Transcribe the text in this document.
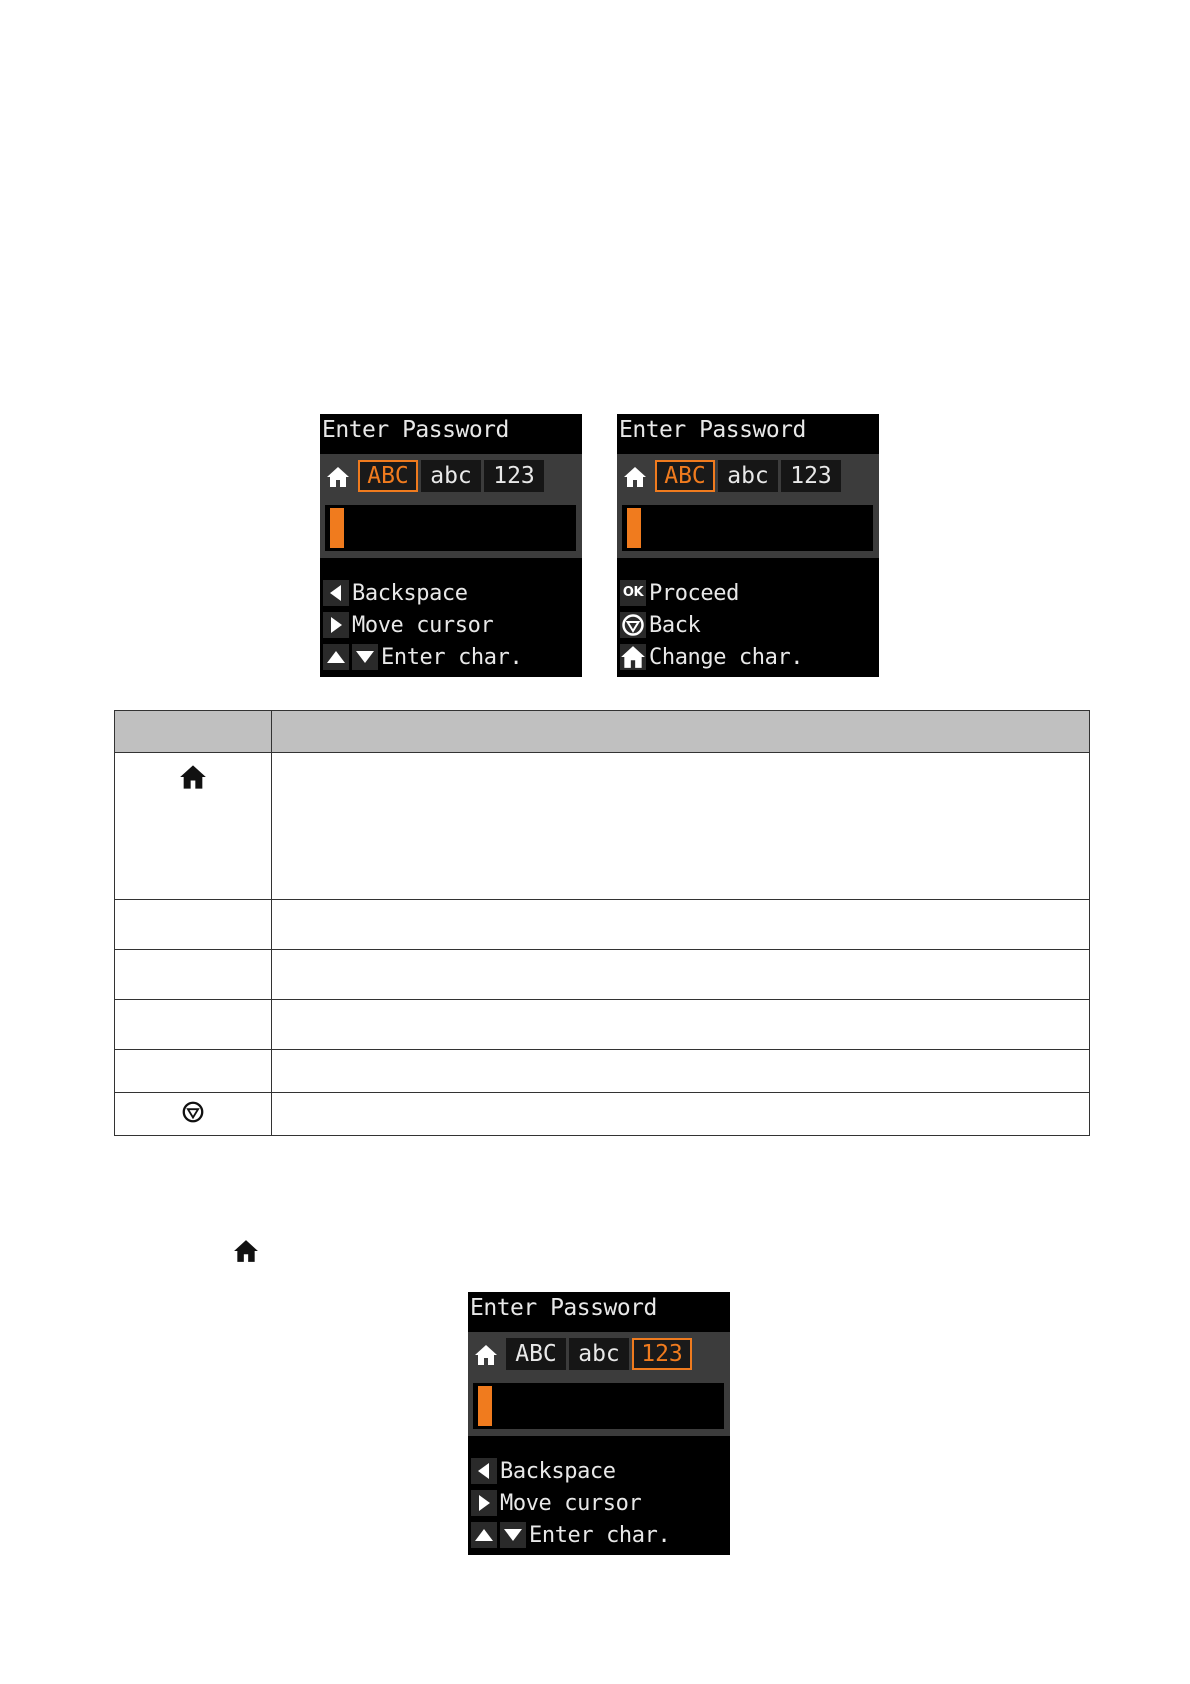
Enter Password
ABC abc 123
Backspace
Move cursor
Enter char.
Enter Password
ABC abc 123
OK Proceed
Back
Change char.

Enter Password
ABC abc 123
Backspace
Move cursor
Enter char.
